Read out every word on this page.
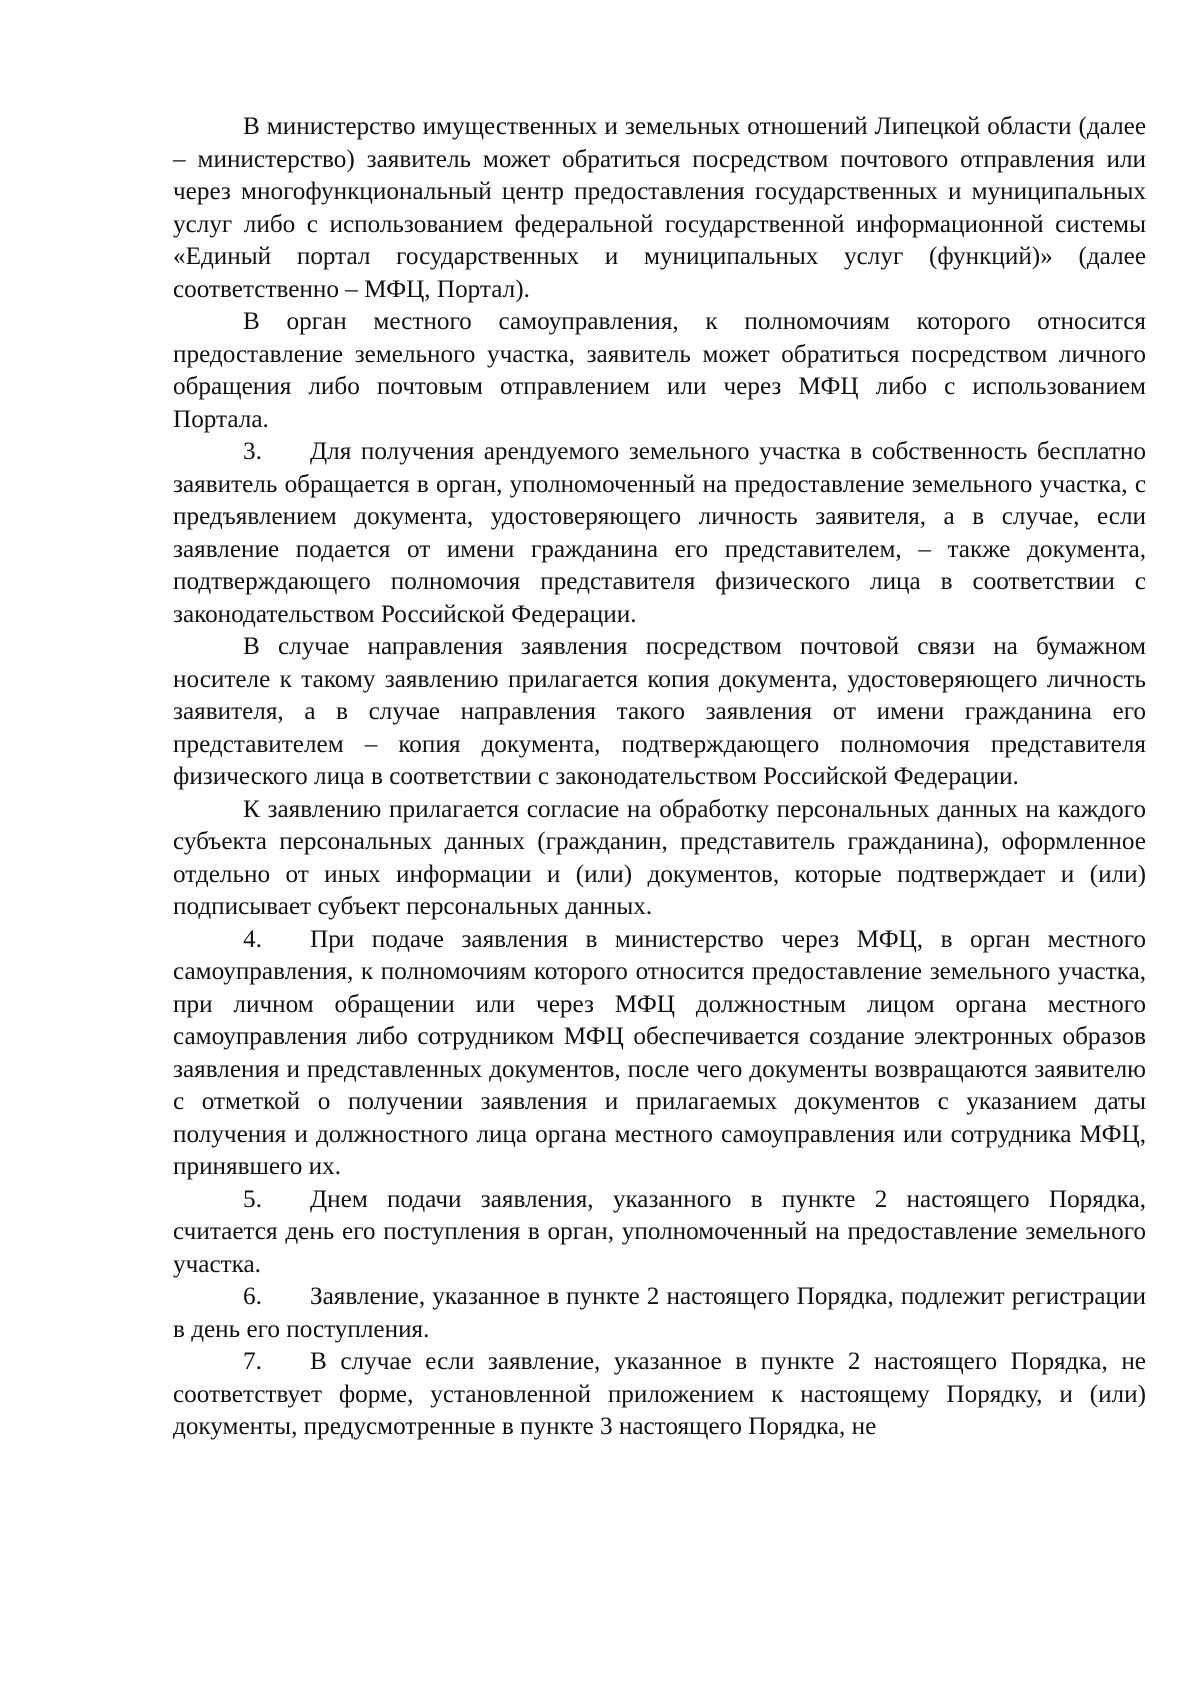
В министерство имущественных и земельных отношений Липецкой области (далее – министерство) заявитель может обратиться посредством почтового отправления или через многофункциональный центр предоставления государственных и муниципальных услуг либо с использованием федеральной государственной информационной системы «Единый портал государственных и муниципальных услуг (функций)» (далее соответственно – МФЦ, Портал).

В орган местного самоуправления, к полномочиям которого относится предоставление земельного участка, заявитель может обратиться посредством личного обращения либо почтовым отправлением или через МФЦ либо с использованием Портала.

3. Для получения арендуемого земельного участка в собственность бесплатно заявитель обращается в орган, уполномоченный на предоставление земельного участка, с предъявлением документа, удостоверяющего личность заявителя, а в случае, если заявление подается от имени гражданина его представителем, – также документа, подтверждающего полномочия представителя физического лица в соответствии с законодательством Российской Федерации.

В случае направления заявления посредством почтовой связи на бумажном носителе к такому заявлению прилагается копия документа, удостоверяющего личность заявителя, а в случае направления такого заявления от имени гражданина его представителем – копия документа, подтверждающего полномочия представителя физического лица в соответствии с законодательством Российской Федерации.

К заявлению прилагается согласие на обработку персональных данных на каждого субъекта персональных данных (гражданин, представитель гражданина), оформленное отдельно от иных информации и (или) документов, которые подтверждает и (или) подписывает субъект персональных данных.

4. При подаче заявления в министерство через МФЦ, в орган местного самоуправления, к полномочиям которого относится предоставление земельного участка, при личном обращении или через МФЦ должностным лицом органа местного самоуправления либо сотрудником МФЦ обеспечивается создание электронных образов заявления и представленных документов, после чего документы возвращаются заявителю с отметкой о получении заявления и прилагаемых документов с указанием даты получения и должностного лица органа местного самоуправления или сотрудника МФЦ, принявшего их.

5. Днем подачи заявления, указанного в пункте 2 настоящего Порядка, считается день его поступления в орган, уполномоченный на предоставление земельного участка.

6. Заявление, указанное в пункте 2 настоящего Порядка, подлежит регистрации в день его поступления.

7. В случае если заявление, указанное в пункте 2 настоящего Порядка, не соответствует форме, установленной приложением к настоящему Порядку, и (или) документы, предусмотренные в пункте 3 настоящего Порядка, не
